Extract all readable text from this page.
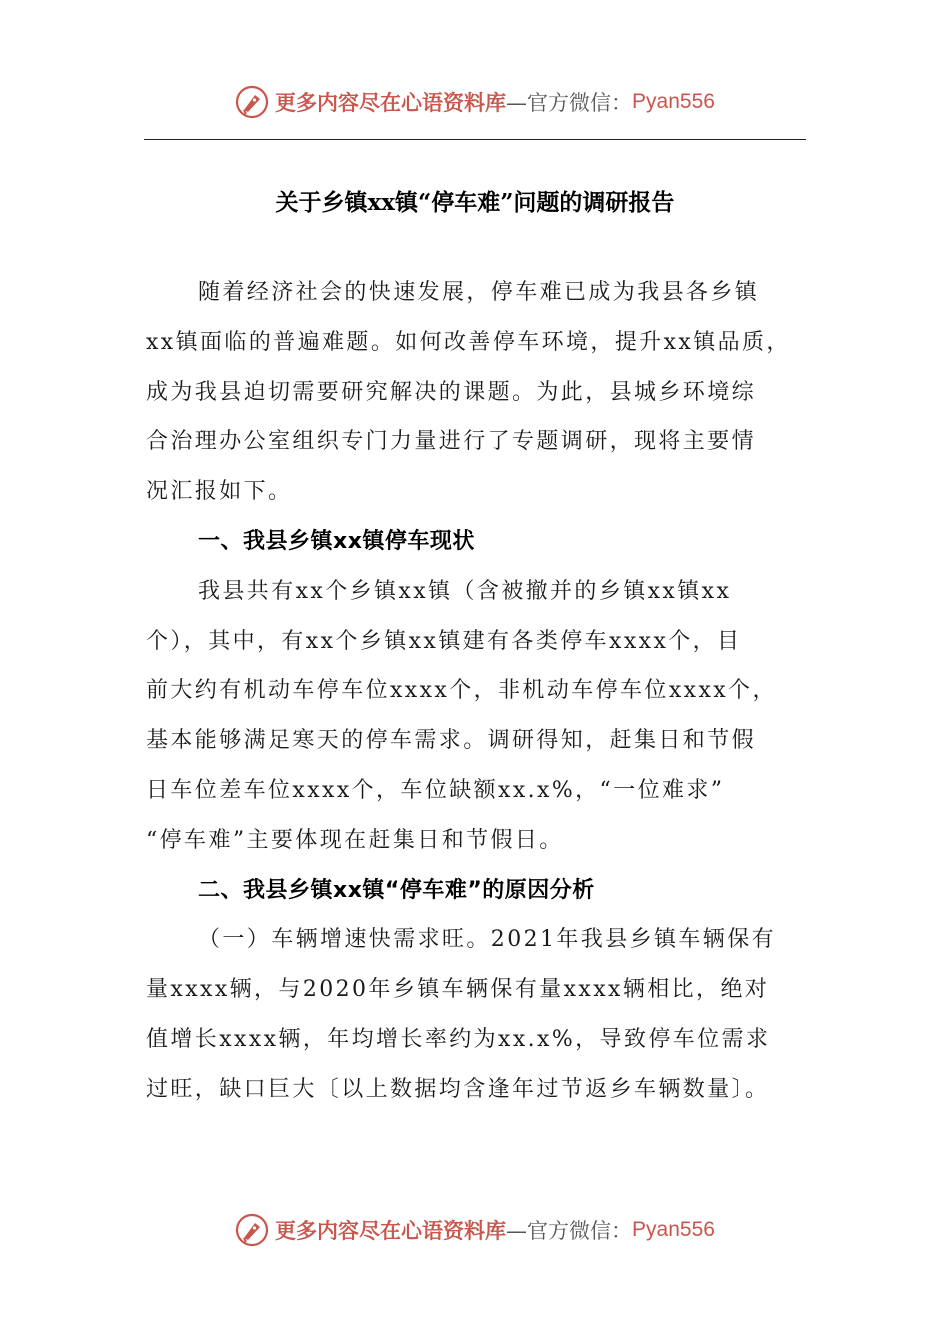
更多内容尽在心语资料库 —官方微信： Pyan556
关于乡镇xx镇“停车难”问题的调研报告
随着经济社会的快速发展，停车难已成为我县各乡镇
xx镇面临的普遍难题。如何改善停车环境，提升xx镇品质，
成为我县迫切需要研究解决的课题。为此，县城乡环境综
合治理办公室组织专门力量进行了专题调研，现将主要情
况汇报如下。
一、我县乡镇xx镇停车现状
我县共有xx个乡镇xx镇（含被撤并的乡镇xx镇xx
个），其中，有xx个乡镇xx镇建有各类停车xxxx个，目
前大约有机动车停车位xxxx个，非机动车停车位xxxx个，
基本能够满足寒天的停车需求。调研得知，赶集日和节假
日车位差车位xxxx个，车位缺额xx.x%，“一位难求”
“停车难”主要体现在赶集日和节假日。
二、我县乡镇xx镇“停车难”的原因分析
（一）车辆增速快需求旺。2021年我县乡镇车辆保有
量xxxx辆，与2020年乡镇车辆保有量xxxx辆相比，绝对
值增长xxxx辆，年均增长率约为xx.x%，导致停车位需求
过旺，缺口巨大〔以上数据均含逢年过节返乡车辆数量〕。
更多内容尽在心语资料库 —官方微信： Pyan556
